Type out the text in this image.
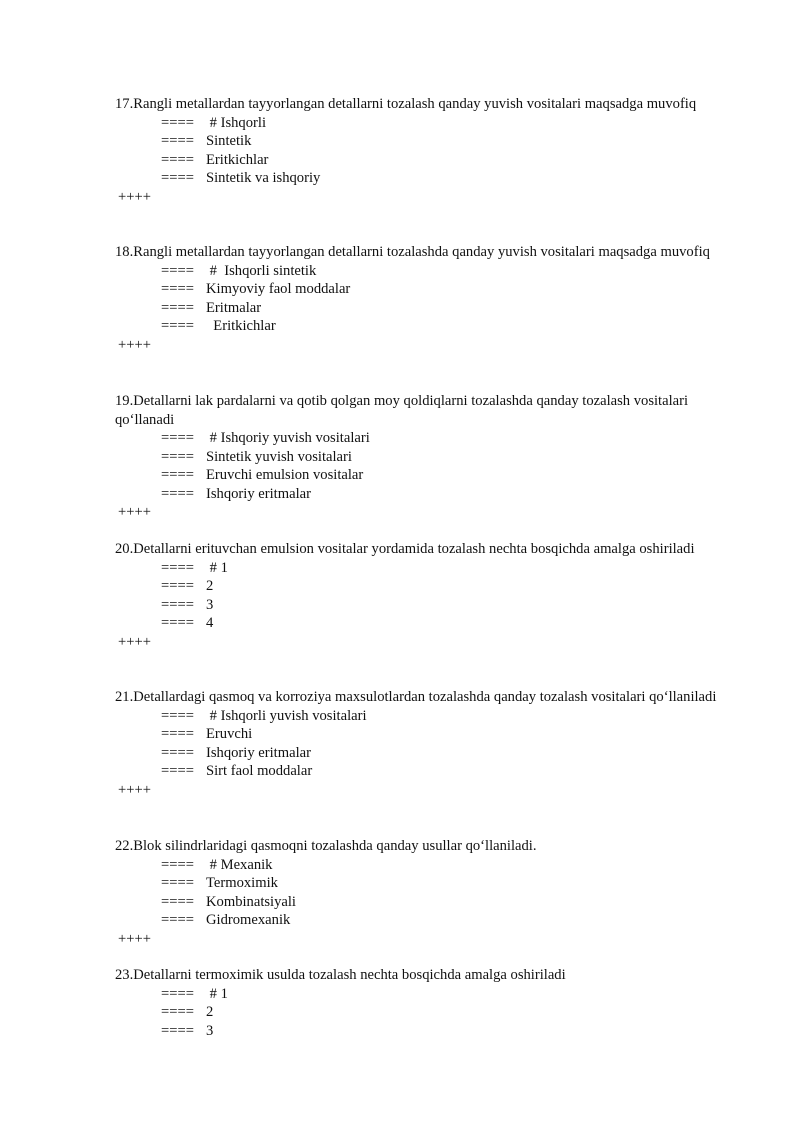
17.Rangli metallardan tayyorlangan detallarni tozalash qanday yuvish vositalari maqsadga muvofiq
==== # Ishqorli
==== Sintetik
==== Eritkichlar
==== Sintetik va ishqoriy
++++
18.Rangli metallardan tayyorlangan detallarni tozalashda qanday yuvish vositalari maqsadga muvofiq
==== #  Ishqorli sintetik
==== Kimyoviy faol moddalar
==== Eritmalar
====  Eritkichlar
++++
19.Detallarni lak pardalarni va qotib qolgan moy qoldiqlarni tozalashda qanday tozalash vositalari qo‘llanadi
==== # Ishqoriy yuvish vositalari
==== Sintetik yuvish vositalari
==== Eruvchi emulsion vositalar
==== Ishqoriy eritmalar
++++
20.Detallarni erituvchan emulsion vositalar yordamida tozalash nechta bosqichda amalga oshiriladi
==== # 1
==== 2
==== 3
==== 4
++++
21.Detallardagi qasmoq va korroziya maxsulotlardan tozalashda qanday tozalash vositalari qo‘llaniladi
==== # Ishqorli yuvish vositalari
==== Eruvchi
==== Ishqoriy eritmalar
==== Sirt faol moddalar
++++
22.Blok silindrlaridagi qasmoqni tozalashda qanday usullar qo‘llaniladi.
==== # Mexanik
==== Termoximik
==== Kombinatsiyali
==== Gidromexanik
++++
23.Detallarni termoximik usulda tozalash nechta bosqichda amalga oshiriladi
==== # 1
==== 2
==== 3
